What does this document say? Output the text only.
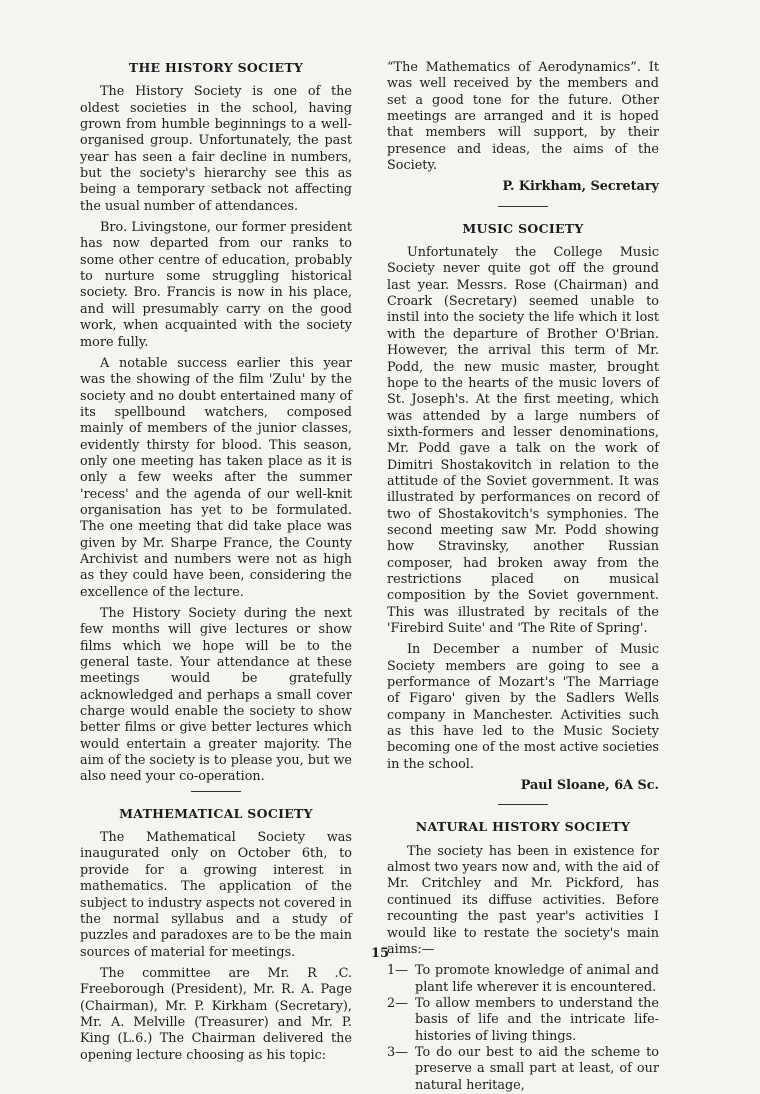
THE HISTORY SOCIETY

The History Society is one of the oldest societies in the school, having grown from humble beginnings to a well-organised group. Unfortunately, the past year has seen a fair decline in numbers, but the society's hierarchy see this as being a temporary setback not affecting the usual number of attendances.

Bro. Livingstone, our former president has now departed from our ranks to some other centre of education, probably to nurture some struggling historical society. Bro. Francis is now in his place, and will presumably carry on the good work, when acquainted with the society more fully.

A notable success earlier this year was the showing of the film 'Zulu' by the society and no doubt entertained many of its spellbound watchers, composed mainly of members of the junior classes, evidently thirsty for blood. This season, only one meeting has taken place as it is only a few weeks after the summer 'recess' and the agenda of our well-knit organisation has yet to be formulated. The one meeting that did take place was given by Mr. Sharpe France, the County Archivist and numbers were not as high as they could have been, considering the excellence of the lecture.

The History Society during the next few months will give lectures or show films which we hope will be to the general taste. Your attendance at these meetings would be gratefully acknowledged and perhaps a small cover charge would enable the society to show better films or give better lectures which would entertain a greater majority. The aim of the society is to please you, but we also need your co-operation.

MATHEMATICAL SOCIETY

The Mathematical Society was inaugurated only on October 6th, to provide for a growing interest in mathematics. The application of the subject to industry aspects not covered in the normal syllabus and a study of puzzles and paradoxes are to be the main sources of material for meetings.

The committee are Mr. R .C. Freeborough (President), Mr. R. A. Page (Chairman), Mr. P. Kirkham (Secretary), Mr. A. Melville (Treasurer) and Mr. P. King (L.6.) The Chairman delivered the opening lecture choosing as his topic:

“The Mathematics of Aerodynamics”. It was well received by the members and set a good tone for the future. Other meetings are arranged and it is hoped that members will support, by their presence and ideas, the aims of the Society.

P. Kirkham, Secretary
MUSIC SOCIETY

Unfortunately the College Music Society never quite got off the ground last year. Messrs. Rose (Chairman) and Croark (Secretary) seemed unable to instil into the society the life which it lost with the departure of Brother O'Brian. However, the arrival this term of Mr. Podd, the new music master, brought hope to the hearts of the music lovers of St. Joseph's. At the first meeting, which was attended by a large numbers of sixth-formers and lesser denominations, Mr. Podd gave a talk on the work of Dimitri Shostakovitch in relation to the attitude of the Soviet government. It was illustrated by performances on record of two of Shostakovitch's symphonies. The second meeting saw Mr. Podd showing how Stravinsky, another Russian composer, had broken away from the restrictions placed on musical composition by the Soviet government. This was illustrated by recitals of the 'Firebird Suite' and 'The Rite of Spring'.

In December a number of Music Society members are going to see a performance of Mozart's 'The Marriage of Figaro' given by the Sadlers Wells company in Manchester. Activities such as this have led to the Music Society becoming one of the most active societies in the school.

Paul Sloane, 6A Sc.
NATURAL HISTORY SOCIETY

The society has been in existence for almost two years now and, with the aid of Mr. Critchley and Mr. Pickford, has continued its diffuse activities. Before recounting the past year's activities I would like to restate the society's main aims:—

1— To promote knowledge of animal and plant life wherever it is encountered.
2— To allow members to understand the basis of life and the intricate life-histories of living things.
3— To do our best to aid the scheme to preserve a small part at least, of our natural heritage,
15
